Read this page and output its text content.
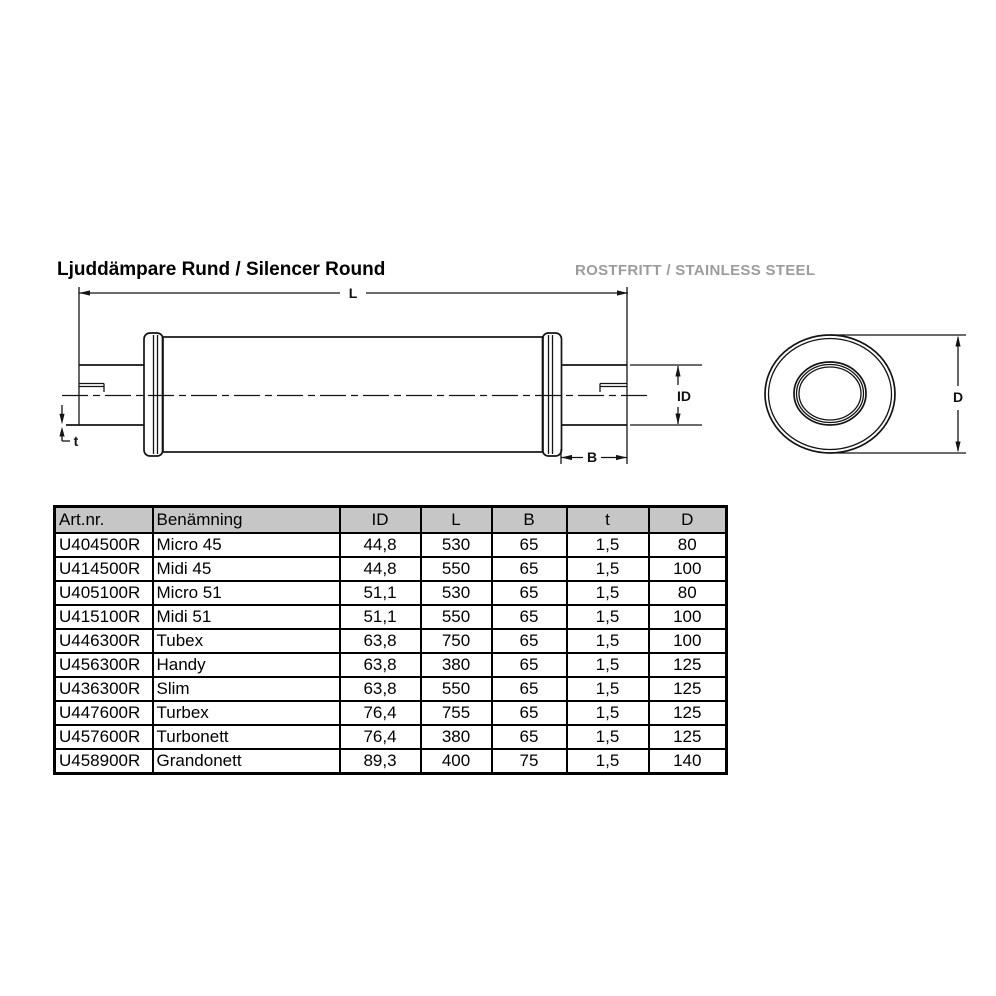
Ljuddämpare Rund / Silencer Round	ROSTFRITT / STAINLESS STEEL
L
t
B
ID	D
Art.nr.	Benämning	ID	L	B	t	D
U404500R	Micro 45	44,8	530	65	1,5	80
U414500R	Midi 45	44,8	550	65	1,5	100
U405100R	Micro 51	51,1	530	65	1,5	80
U415100R	Midi 51	51,1	550	65	1,5	100
U446300R	Tubex	63,8	750	65	1,5	100
U456300R	Handy	63,8	380	65	1,5	125
U436300R	Slim	63,8	550	65	1,5	125
U447600R	Turbex	76,4	755	65	1,5	125
U457600R	Turbonett	76,4	380	65	1,5	125
U458900R	Grandonett	89,3	400	75	1,5	140
